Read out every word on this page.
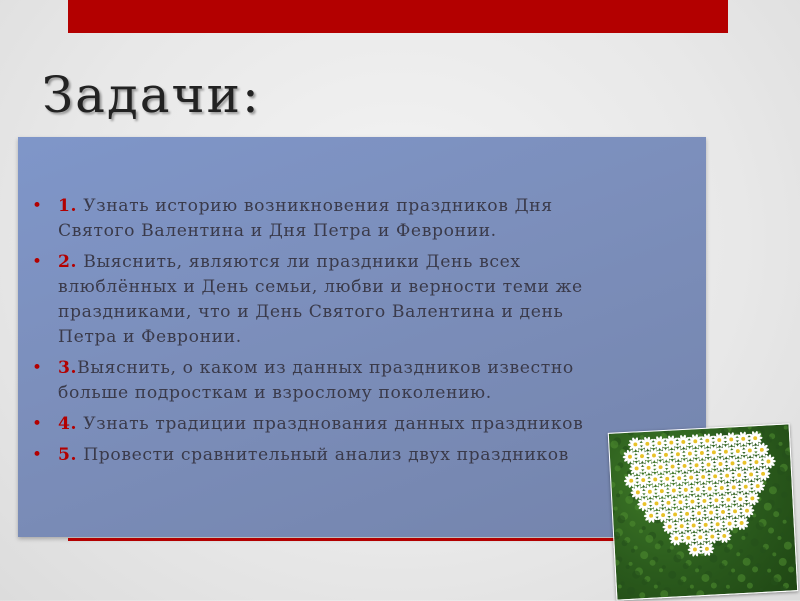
Задачи:
• 1. Узнать историю возникновения праздников Дня
Святого Валентина и Дня Петра и Февронии.
• 2. Выяснить, являются ли праздники День всех
влюблённых и День семьи, любви и верности теми же
праздниками, что и День Святого Валентина и день
Петра и Февронии.
• 3.Выяснить, о каком из данных праздников известно
больше подросткам и взрослому поколению.
• 4. Узнать традиции празднования данных праздников
• 5. Провести сравнительный анализ двух праздников
